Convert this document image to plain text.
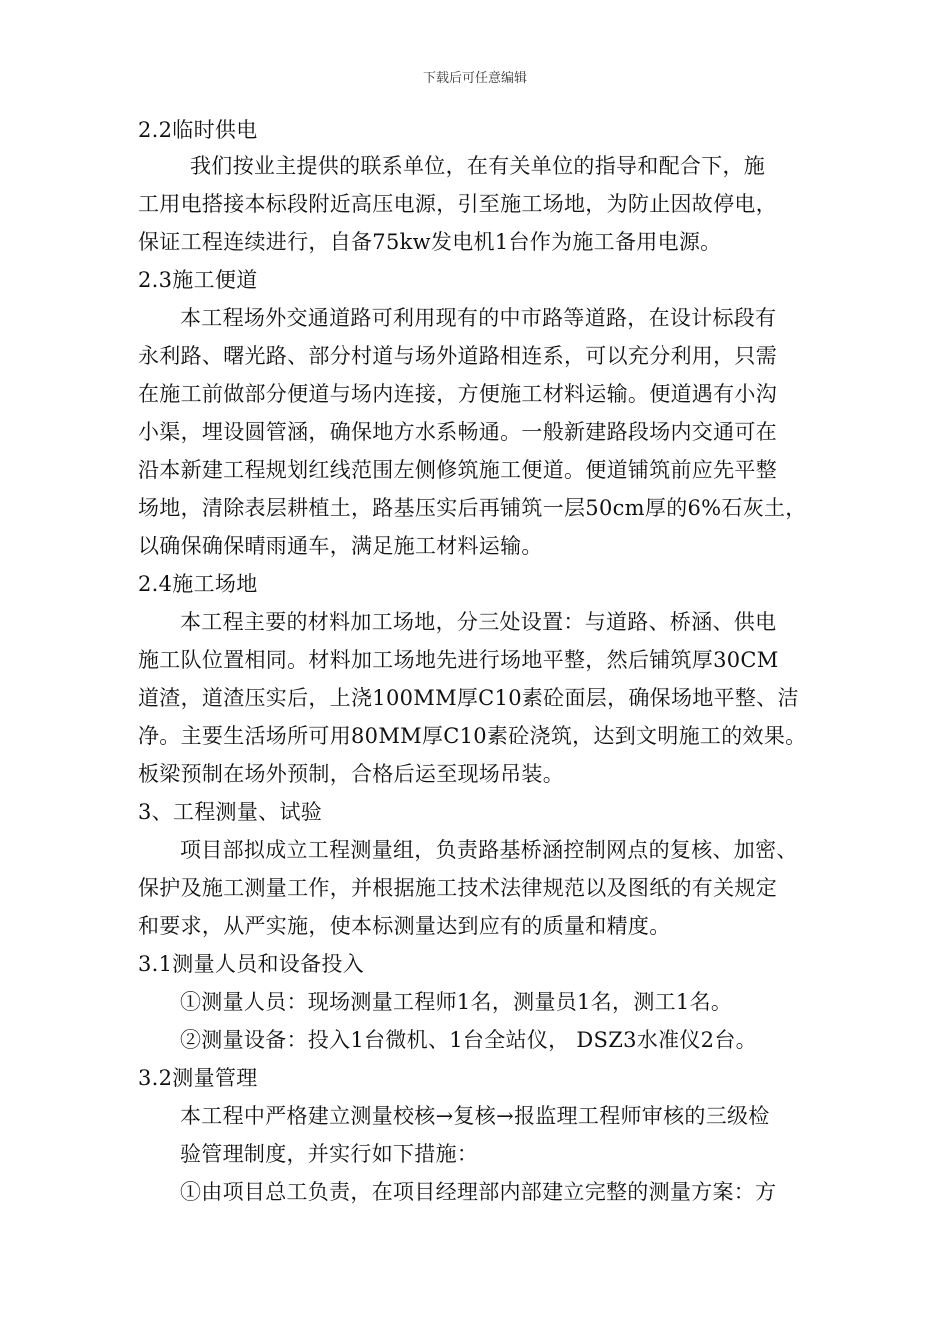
下载后可任意编辑
2.2临时供电
我们按业主提供的联系单位，在有关单位的指导和配合下，施
工用电搭接本标段附近高压电源，引至施工场地，为防止因故停电，
保证工程连续进行，自备75kw发电机1台作为施工备用电源。
2.3施工便道
本工程场外交通道路可利用现有的中市路等道路，在设计标段有
永利路、曙光路、部分村道与场外道路相连系，可以充分利用，只需
在施工前做部分便道与场内连接，方便施工材料运输。便道遇有小沟
小渠，埋设圆管涵，确保地方水系畅通。一般新建路段场内交通可在
沿本新建工程规划红线范围左侧修筑施工便道。便道铺筑前应先平整
场地，清除表层耕植土，路基压实后再铺筑一层50cm厚的6%石灰土，
以确保确保晴雨通车，满足施工材料运输。
2.4施工场地
本工程主要的材料加工场地，分三处设置：与道路、桥涵、供电
施工队位置相同。材料加工场地先进行场地平整，然后铺筑厚30CM
道渣，道渣压实后，上浇100MM厚C10素砼面层，确保场地平整、洁
净。主要生活场所可用80MM厚C10素砼浇筑，达到文明施工的效果。
板梁预制在场外预制，合格后运至现场吊装。
3、工程测量、试验
项目部拟成立工程测量组，负责路基桥涵控制网点的复核、加密、
保护及施工测量工作，并根据施工技术法律规范以及图纸的有关规定
和要求，从严实施，使本标测量达到应有的质量和精度。
3.1测量人员和设备投入
①测量人员：现场测量工程师1名，测量员1名，测工1名。
②测量设备：投入1台微机、1台全站仪， DSZ3水准仪2台。
3.2测量管理
本工程中严格建立测量校核→复核→报监理工程师审核的三级检
验管理制度，并实行如下措施：
①由项目总工负责，在项目经理部内部建立完整的测量方案：方
